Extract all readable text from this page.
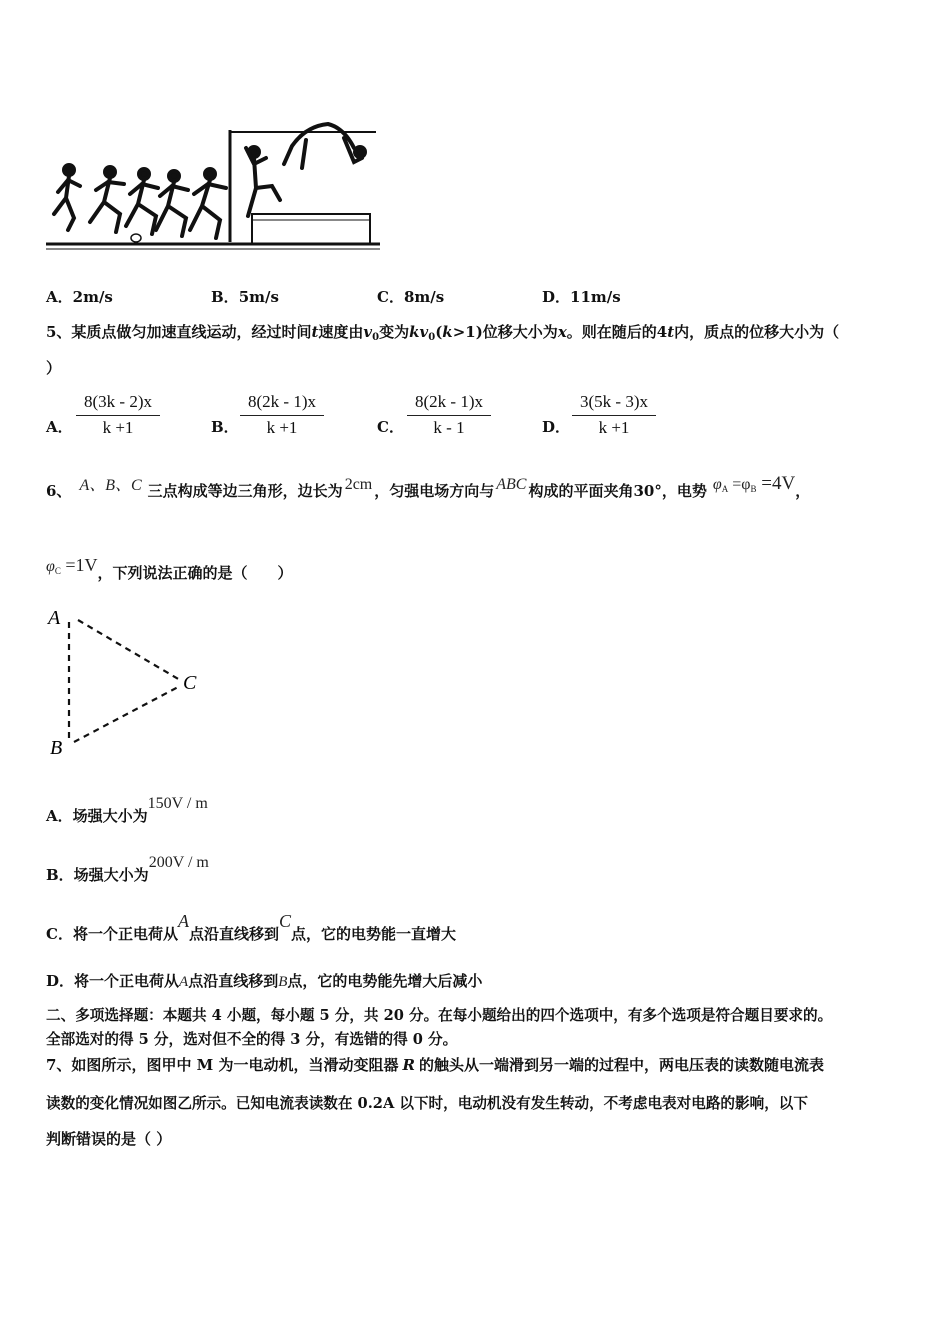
A．2m/s	B．5m/s	C．8m/s	D．11m/s
5、某质点做匀加速直线运动，经过时间t速度由$v_0$变为$kv_0(k>1)$位移大小为x。则在随后的4t内，质点的位移大小为（
）
A． $\frac{8(3k - 2)x}{k +1}$	B． $\frac{8(2k - 1)x}{k +1}$	C． $\frac{8(2k - 1)x}{k - 1}$	D． $\frac{3(5k - 3)x}{k +1}$
6、 A、B、C 三点构成等边三角形，边长为 2cm ，匀强电场方向与 ABC 构成的平面夹角30°，电势 $\varphi^A =\varphi^B =4V$，
$\varphi^C =1V$，下列说法正确的是（　　）
A
B
C
A．场强大小为150V / m
B．场强大小为200V / m
C．将一个正电荷从A点沿直线移到C点，它的电势能一直增大
D．将一个正电荷从A点沿直线移到B点，它的电势能先增大后减小
二、多项选择题：本题共 4 小题，每小题 5 分，共 20 分。在每小题给出的四个选项中，有多个选项是符合题目要求的。
全部选对的得 5 分，选对但不全的得 3 分，有选错的得 0 分。
7、如图所示，图甲中 M 为一电动机，当滑动变阻器 R 的触头从一端滑到另一端的过程中，两电压表的读数随电流表
读数的变化情况如图乙所示。已知电流表读数在 0.2A 以下时，电动机没有发生转动，不考虑电表对电路的影响，以下
判断错误的是（ ）
